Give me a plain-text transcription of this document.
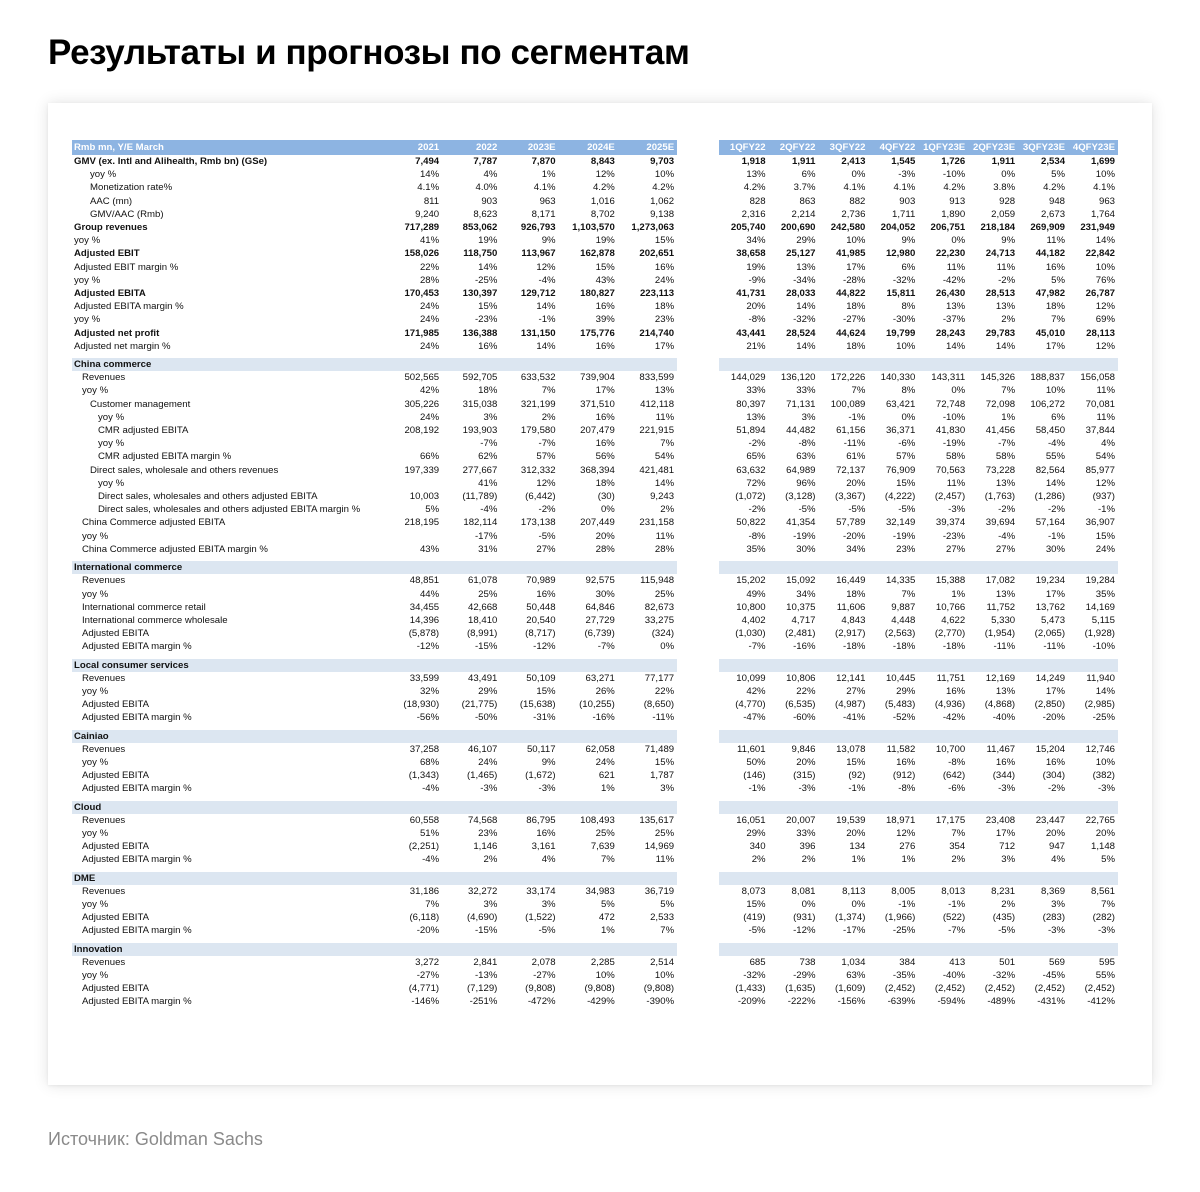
Результаты и прогнозы по сегментам
Rmb mn, Y/E March	2021	2022	2023E	2024E	2025E		1QFY22	2QFY22	3QFY22	4QFY22	1QFY23E	2QFY23E	3QFY23E	4QFY23E
GMV (ex. Intl and Alihealth, Rmb bn) (GSe)	7,494	7,787	7,870	8,843	9,703		1,918	1,911	2,413	1,545	1,726	1,911	2,534	1,699
yoy %	14%	4%	1%	12%	10%		13%	6%	0%	-3%	-10%	0%	5%	10%
Monetization rate%	4.1%	4.0%	4.1%	4.2%	4.2%		4.2%	3.7%	4.1%	4.1%	4.2%	3.8%	4.2%	4.1%
AAC (mn)	811	903	963	1,016	1,062		828	863	882	903	913	928	948	963
GMV/AAC (Rmb)	9,240	8,623	8,171	8,702	9,138		2,316	2,214	2,736	1,711	1,890	2,059	2,673	1,764
Group revenues	717,289	853,062	926,793	1,103,570	1,273,063		205,740	200,690	242,580	204,052	206,751	218,184	269,909	231,949
yoy %	41%	19%	9%	19%	15%		34%	29%	10%	9%	0%	9%	11%	14%
Adjusted EBIT	158,026	118,750	113,967	162,878	202,651		38,658	25,127	41,985	12,980	22,230	24,713	44,182	22,842
Adjusted EBIT margin %	22%	14%	12%	15%	16%		19%	13%	17%	6%	11%	11%	16%	10%
yoy %	28%	-25%	-4%	43%	24%		-9%	-34%	-28%	-32%	-42%	-2%	5%	76%
Adjusted EBITA	170,453	130,397	129,712	180,827	223,113		41,731	28,033	44,822	15,811	26,430	28,513	47,982	26,787
Adjusted EBITA margin %	24%	15%	14%	16%	18%		20%	14%	18%	8%	13%	13%	18%	12%
yoy %	24%	-23%	-1%	39%	23%		-8%	-32%	-27%	-30%	-37%	2%	7%	69%
Adjusted net profit	171,985	136,388	131,150	175,776	214,740		43,441	28,524	44,624	19,799	28,243	29,783	45,010	28,113
Adjusted net margin %	24%	16%	14%	16%	17%		21%	14%	18%	10%	14%	14%	17%	12%

China commerce														
Revenues	502,565	592,705	633,532	739,904	833,599		144,029	136,120	172,226	140,330	143,311	145,326	188,837	156,058
yoy %	42%	18%	7%	17%	13%		33%	33%	7%	8%	0%	7%	10%	11%
Customer management	305,226	315,038	321,199	371,510	412,118		80,397	71,131	100,089	63,421	72,748	72,098	106,272	70,081
yoy %	24%	3%	2%	16%	11%		13%	3%	-1%	0%	-10%	1%	6%	11%
CMR adjusted EBITA	208,192	193,903	179,580	207,479	221,915		51,894	44,482	61,156	36,371	41,830	41,456	58,450	37,844
yoy %		-7%	-7%	16%	7%		-2%	-8%	-11%	-6%	-19%	-7%	-4%	4%
CMR adjusted EBITA margin %	66%	62%	57%	56%	54%		65%	63%	61%	57%	58%	58%	55%	54%
Direct sales, wholesale and others revenues	197,339	277,667	312,332	368,394	421,481		63,632	64,989	72,137	76,909	70,563	73,228	82,564	85,977
yoy %		41%	12%	18%	14%		72%	96%	20%	15%	11%	13%	14%	12%
Direct sales, wholesales and others adjusted EBITA	10,003	(11,789)	(6,442)	(30)	9,243		(1,072)	(3,128)	(3,367)	(4,222)	(2,457)	(1,763)	(1,286)	(937)
Direct sales, wholesales and others adjusted EBITA margin %	5%	-4%	-2%	0%	2%		-2%	-5%	-5%	-5%	-3%	-2%	-2%	-1%
China Commerce adjusted EBITA	218,195	182,114	173,138	207,449	231,158		50,822	41,354	57,789	32,149	39,374	39,694	57,164	36,907
yoy %		-17%	-5%	20%	11%		-8%	-19%	-20%	-19%	-23%	-4%	-1%	15%
China Commerce adjusted EBITA margin %	43%	31%	27%	28%	28%		35%	30%	34%	23%	27%	27%	30%	24%

International commerce														
Revenues	48,851	61,078	70,989	92,575	115,948		15,202	15,092	16,449	14,335	15,388	17,082	19,234	19,284
yoy %	44%	25%	16%	30%	25%		49%	34%	18%	7%	1%	13%	17%	35%
International commerce retail	34,455	42,668	50,448	64,846	82,673		10,800	10,375	11,606	9,887	10,766	11,752	13,762	14,169
International commerce wholesale	14,396	18,410	20,540	27,729	33,275		4,402	4,717	4,843	4,448	4,622	5,330	5,473	5,115
Adjusted EBITA	(5,878)	(8,991)	(8,717)	(6,739)	(324)		(1,030)	(2,481)	(2,917)	(2,563)	(2,770)	(1,954)	(2,065)	(1,928)
Adjusted EBITA margin %	-12%	-15%	-12%	-7%	0%		-7%	-16%	-18%	-18%	-18%	-11%	-11%	-10%

Local consumer services														
Revenues	33,599	43,491	50,109	63,271	77,177		10,099	10,806	12,141	10,445	11,751	12,169	14,249	11,940
yoy %	32%	29%	15%	26%	22%		42%	22%	27%	29%	16%	13%	17%	14%
Adjusted EBITA	(18,930)	(21,775)	(15,638)	(10,255)	(8,650)		(4,770)	(6,535)	(4,987)	(5,483)	(4,936)	(4,868)	(2,850)	(2,985)
Adjusted EBITA margin %	-56%	-50%	-31%	-16%	-11%		-47%	-60%	-41%	-52%	-42%	-40%	-20%	-25%

Cainiao														
Revenues	37,258	46,107	50,117	62,058	71,489		11,601	9,846	13,078	11,582	10,700	11,467	15,204	12,746
yoy %	68%	24%	9%	24%	15%		50%	20%	15%	16%	-8%	16%	16%	10%
Adjusted EBITA	(1,343)	(1,465)	(1,672)	621	1,787		(146)	(315)	(92)	(912)	(642)	(344)	(304)	(382)
Adjusted EBITA margin %	-4%	-3%	-3%	1%	3%		-1%	-3%	-1%	-8%	-6%	-3%	-2%	-3%

Cloud														
Revenues	60,558	74,568	86,795	108,493	135,617		16,051	20,007	19,539	18,971	17,175	23,408	23,447	22,765
yoy %	51%	23%	16%	25%	25%		29%	33%	20%	12%	7%	17%	20%	20%
Adjusted EBITA	(2,251)	1,146	3,161	7,639	14,969		340	396	134	276	354	712	947	1,148
Adjusted EBITA margin %	-4%	2%	4%	7%	11%		2%	2%	1%	1%	2%	3%	4%	5%

DME														
Revenues	31,186	32,272	33,174	34,983	36,719		8,073	8,081	8,113	8,005	8,013	8,231	8,369	8,561
yoy %	7%	3%	3%	5%	5%		15%	0%	0%	-1%	-1%	2%	3%	7%
Adjusted EBITA	(6,118)	(4,690)	(1,522)	472	2,533		(419)	(931)	(1,374)	(1,966)	(522)	(435)	(283)	(282)
Adjusted EBITA margin %	-20%	-15%	-5%	1%	7%		-5%	-12%	-17%	-25%	-7%	-5%	-3%	-3%

Innovation														
Revenues	3,272	2,841	2,078	2,285	2,514		685	738	1,034	384	413	501	569	595
yoy %	-27%	-13%	-27%	10%	10%		-32%	-29%	63%	-35%	-40%	-32%	-45%	55%
Adjusted EBITA	(4,771)	(7,129)	(9,808)	(9,808)	(9,808)		(1,433)	(1,635)	(1,609)	(2,452)	(2,452)	(2,452)	(2,452)	(2,452)
Adjusted EBITA margin %	-146%	-251%	-472%	-429%	-390%		-209%	-222%	-156%	-639%	-594%	-489%	-431%	-412%
Источник: Goldman Sachs
